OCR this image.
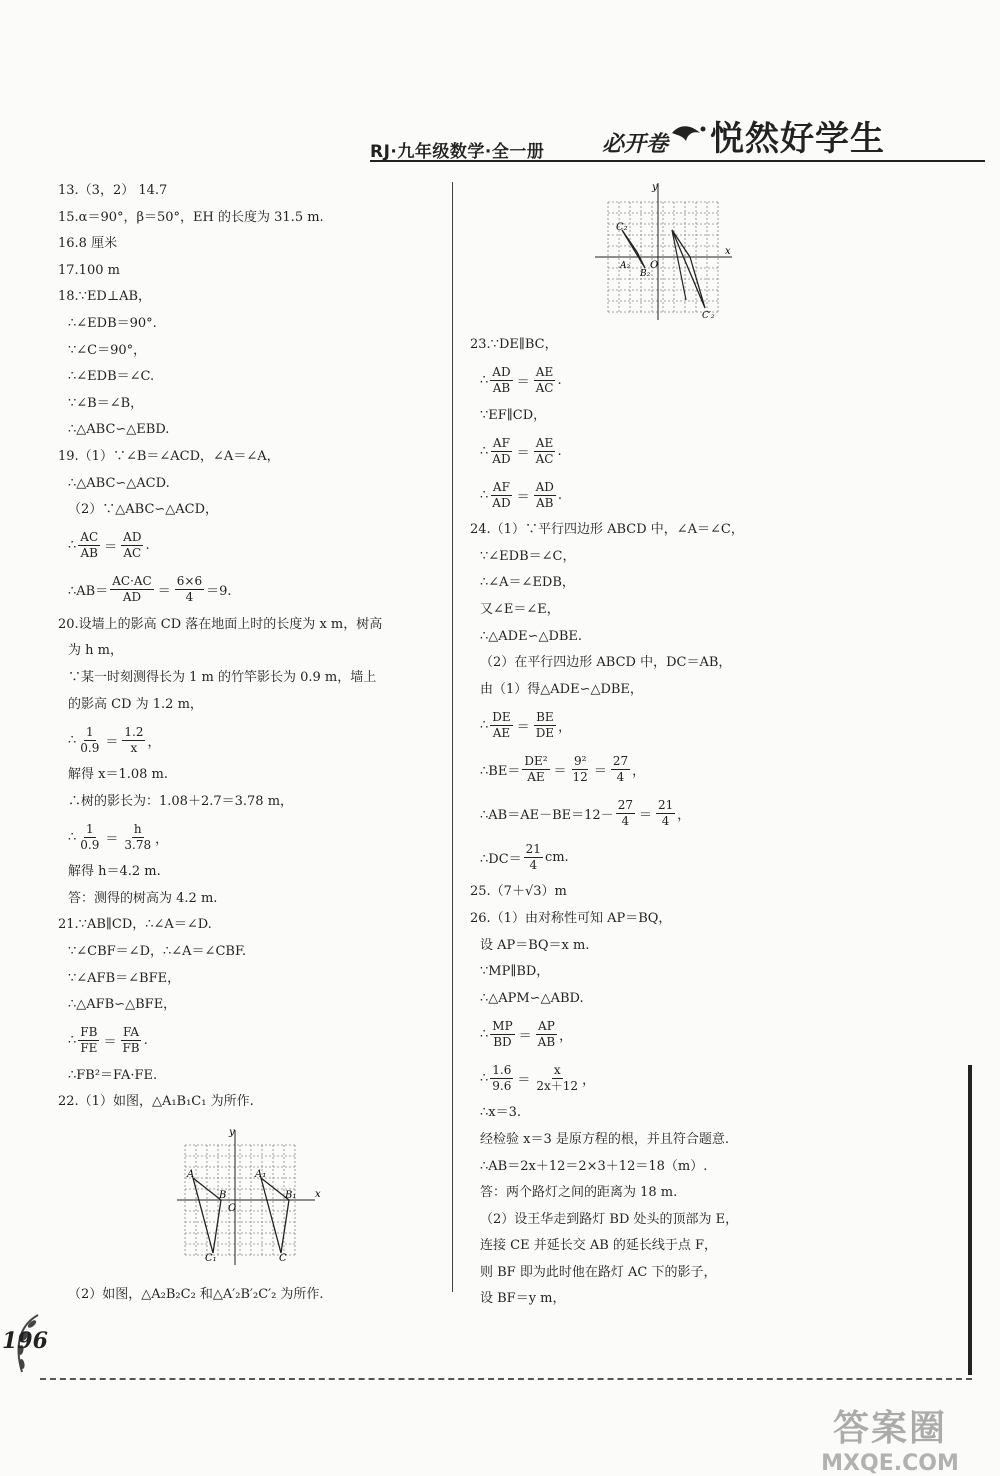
RJ·九年级数学·全一册	必开卷 悦然好学生
13.（3，2） 14.7
15.α＝90°，β＝50°，EH 的长度为 31.5 m.
16.8 厘米
17.100 m
18.∵ED⊥AB，
∴∠EDB＝90°.
∵∠C＝90°，
∴∠EDB＝∠C.
∵∠B＝∠B，
∴△ABC∽△EBD.
19.（1）∵∠B＝∠ACD，∠A＝∠A，
∴△ABC∽△ACD.
（2）∵△ABC∽△ACD，
∴ $\frac{AC}{AB} = \frac{AD}{AC}$ .
∴AB＝ $\frac{AC\cdot AC}{AD} = \frac{6\times 6}{4} =9$.
20.设墙上的影高 CD 落在地面上时的长度为 x m，树高
为 h m，
∵某一时刻测得长为 1 m 的竹竿影长为 0.9 m，墙上
的影高 CD 为 1.2 m，
∴ $\frac{1}{0.9} = \frac{1.2}{x}$ ，
解得 x＝1.08 m.
∴树的影长为：1.08＋2.7＝3.78 m，
∴ $\frac{1}{0.9} = \frac{h}{3.78}$ ，
解得 h＝4.2 m.
答：测得的树高为 4.2 m.
21.∵AB∥CD，∴∠A＝∠D.
∵∠CBF＝∠D，∴∠A＝∠CBF.
∵∠AFB＝∠BFE，
∴△AFB∽△BFE，
∴ $\frac{FB}{FE} = \frac{FA}{FB}$ .
∴FB²＝FA·FE.
22.（1）如图，△A₁B₁C₁ 为所作.
y
x
O
A
B
C₁
A₁
B₁
C
（2）如图，△A₂B₂C₂ 和△A′₂B′₂C′₂ 为所作.
y
x
O
C₂
A₂
B₂
C′₂
23.∵DE∥BC，
∴ $\frac{AD}{AB} = \frac{AE}{AC}$ .
∵EF∥CD，
∴ $\frac{AF}{AD} = \frac{AE}{AC}$ .
∴ $\frac{AF}{AD} = \frac{AD}{AB}$ .
24.（1）∵平行四边形 ABCD 中，∠A＝∠C，
∵∠EDB＝∠C，
∴∠A＝∠EDB，
又∠E＝∠E，
∴△ADE∽△DBE.
（2）在平行四边形 ABCD 中，DC＝AB，
由（1）得△ADE∽△DBE，
∴ $\frac{DE}{AE} = \frac{BE}{DE}$ ，
∴BE＝ $\frac{\text{DE²}}{AE} = \frac{\text{9²}}{12} = \frac{27}{4}$ ，
∴AB＝AE－BE＝12－ $\frac{27}{4} = \frac{21}{4}$ ，
∴DC＝ $\frac{21}{4}$ cm.
25.（7＋√3）m
26.（1）由对称性可知 AP＝BQ，
设 AP＝BQ＝x m.
∵MP∥BD，
∴△APM∽△ABD.
∴ $\frac{MP}{BD} = \frac{AP}{AB}$ ，
∴ $\frac{1.6}{9.6} = \frac{x}{2x+12}$ ，
∴x＝3.
经检验 x＝3 是原方程的根，并且符合题意.
∴AB＝2x＋12＝2×3＋12＝18（m）.
答：两个路灯之间的距离为 18 m.
（2）设王华走到路灯 BD 处头的顶部为 E，
连接 CE 并延长交 AB 的延长线于点 F，
则 BF 即为此时他在路灯 AC 下的影子，
设 BF＝y m，
196
答案圈
MXQE.COM
